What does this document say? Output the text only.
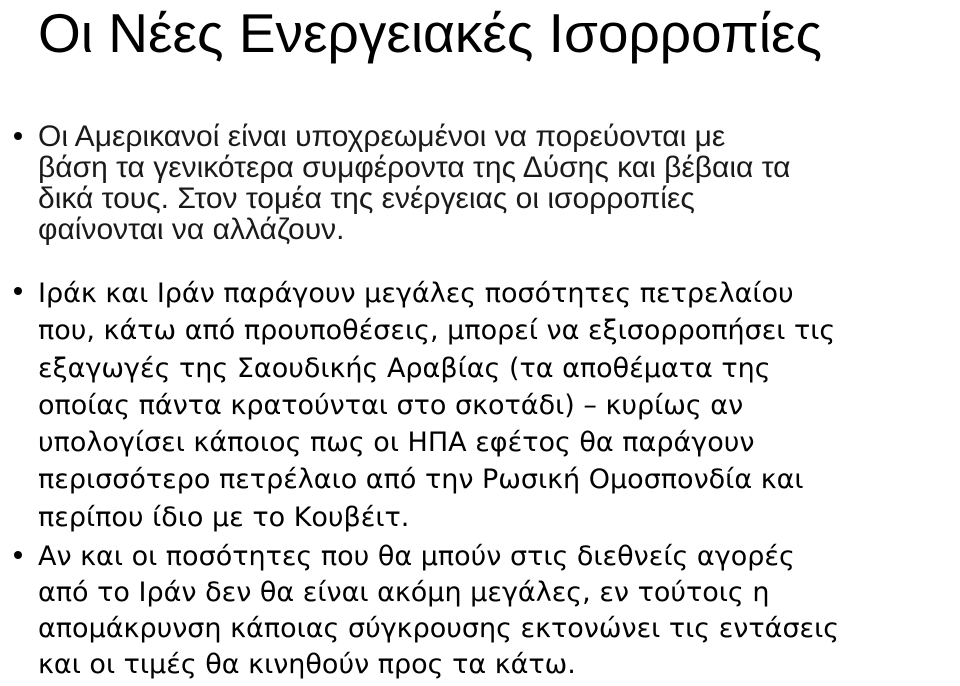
Οι Νέες Ενεργειακές Ισορροπίες
Οι Αμερικανοί είναι υποχρεωμένοι να πορεύονται με
βάση τα γενικότερα συμφέροντα της Δύσης και βέβαια τα
δικά τους. Στον τομέα της ενέργειας οι ισορροπίες
φαίνονται να αλλάζουν.
Ιράκ και Ιράν παράγουν μεγάλες ποσότητες πετρελαίου
που, κάτω από προυποθέσεις, μπορεί να εξισορροπήσει τις
εξαγωγές της Σαουδικής Αραβίας (τα αποθέματα της
οποίας πάντα κρατούνται στο σκοτάδι) – κυρίως αν
υπολογίσει κάποιος πως οι ΗΠΑ εφέτος θα παράγουν
περισσότερο πετρέλαιο από την Ρωσική Ομοσπονδία και
περίπου ίδιο με το Κουβέιτ.
Αν και οι ποσότητες που θα μπούν στις διεθνείς αγορές
από το Ιράν δεν θα είναι ακόμη μεγάλες, εν τούτοις η
απομάκρυνση κάποιας σύγκρουσης εκτονώνει τις εντάσεις
και οι τιμές θα κινηθούν προς τα κάτω.
